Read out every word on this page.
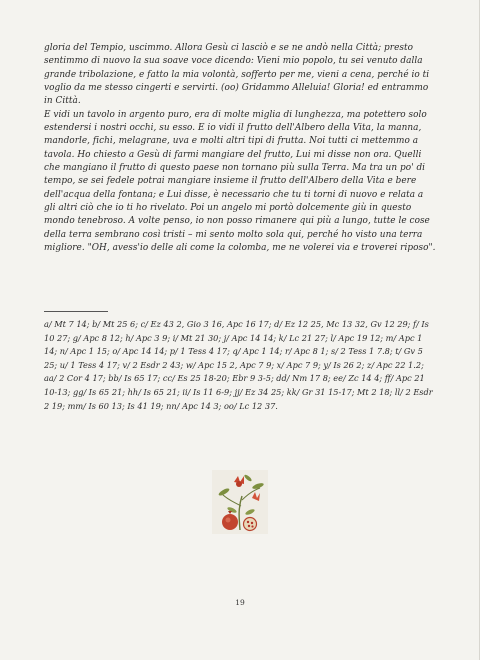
gloria del Tempio, uscimmo. Allora Gesù ci lasciò e se ne andò nella Città; presto sentimmo di nuovo la sua soave voce dicendo: Vieni mio popolo, tu sei venuto dalla grande tribolazione, e fatto la mia volontà, sofferto per me, vieni a cena, perché io ti voglio da me stesso cingerti e servirti. (oo) Gridammo Alleluia! Gloria! ed entrammo in Città.

E vidi un tavolo in argento puro, era di molte miglia di lunghezza, ma potettero solo estendersi i nostri occhi, su esso. E io vidi il frutto dell'Albero della Vita, la manna, mandorle, fichi, melagrane, uva e molti altri tipi di frutta. Noi tutti ci mettemmo a tavola. Ho chiesto a Gesù di farmi mangiare del frutto, Lui mi disse non ora. Quelli che mangiano il frutto di questo paese non tornano più sulla Terra. Ma tra un po' di tempo, se sei fedele potrai mangiare insieme il frutto dell'Albero della Vita e bere dell'acqua della fontana; e Lui disse, è necessario che tu ti torni di nuovo e relata a gli altri ciò che io ti ho rivelato. Poi un angelo mi portò dolcemente giù in questo mondo tenebroso. A volte penso, io non posso rimanere qui più a lungo, tutte le cose della terra sembrano così tristi – mi sento molto sola qui, perché ho visto una terra migliore. "OH, avess'io delle ali come la colomba, me ne volerei via e troverei riposo".

a/ Mt 7 14; b/ Mt 25 6; c/ Ez 43 2, Gio 3 16, Apc 16 17; d/ Ez 12 25, Mc 13 32, Gv 12 29; f/ Is 10 27; g/ Apc 8 12; h/ Apc 3 9; i/ Mt 21 30; j/ Apc 14 14; k/ Lc 21 27; l/ Apc 19 12; m/ Apc 1 14; n/ Apc 1 15; o/ Apc 14 14; p/ 1 Tess 4 17; q/ Apc 1 14; r/ Apc 8 1; s/ 2 Tess 1 7.8; t/ Gv 5 25; u/ 1 Tess 4 17; v/ 2 Esdr 2 43; w/ Apc 15 2, Apc 7 9; x/ Apc 7 9; y/ Is 26 2; z/ Apc 22 1.2; aa/ 2 Cor 4 17; bb/ Is 65 17; cc/ Es 25 18-20; Ebr 9 3-5; dd/ Nm 17 8; ee/ Zc 14 4; ff/ Apc 21 10-13; gg/ Is 65 21; hh/ Is 65 21; ii/ Is 11 6-9; jj/ Ez 34 25; kk/ Gr 31 15-17; Mt 2 18; ll/ 2 Esdr 2 19; mm/ Is 60 13; Is 41 19; nn/ Apc 14 3; oo/ Lc 12 37.
19
